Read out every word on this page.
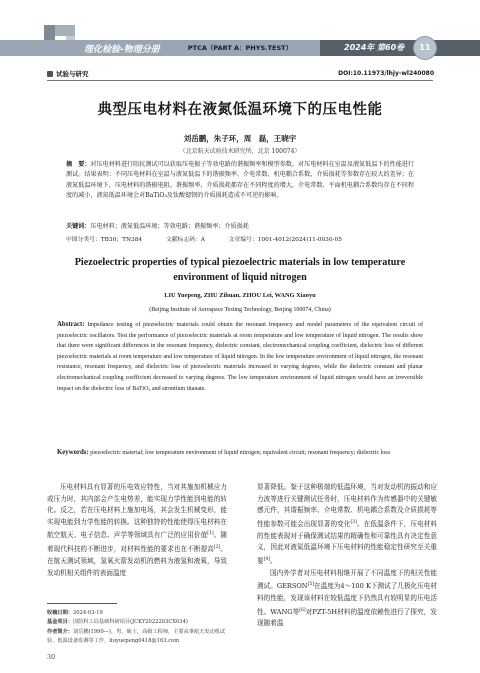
理化检验-物理分册	PTCA（PART A：PHYS.TEST）	2024年 第60卷	11
试验与研究	DOI:10.11973/lhjy-wl240080
典型压电材料在液氮低温环境下的压电性能
刘岳鹏，朱子环，周　磊，王晓宇
（北京航天试验技术研究所，北京 100074）
摘　要：对压电材料进行阻抗测试可以获取压电振子等效电路的谐振频率和模型参数。对压电材料在室温及液氮低温下的性能进行测试。结果表明：不同压电材料在室温与液氮低温下的谐振频率、介电常数、机电耦合系数、介质损耗等参数存在较大的差异；在液氮低温环境下，压电材料的谐振电阻、谐振频率、介质损耗都存在不同程度的增大，介电常数、平面机电耦合系数均存在不同程度的减小，液氮低温环境会对BaTiO₃及钛酸锶钡的介质损耗造成不可逆的影响。
关键词：压电材料；液氮低温环境；等效电路；谐振频率；介质损耗
中图分类号：TB30；TN384	文献标志码：A	文章编号：1001-4012(2024)11-0030-05
Piezoelectric properties of typical piezoelectric materials in low temperature environment of liquid nitrogen
LIU Yuepeng, ZHU Zihuan, ZHOU Lei, WANG Xiaoyu
(Beijing Institute of Aerospace Testing Technology, Beijing 100074, China)
Abstract: Impedance testing of piezoelectric materials could obtain the resonant frequency and model parameters of the equivalent circuit of piezoelectric oscillators. Test the performance of piezoelectric materials at room temperature and low temperature of liquid nitrogen. The results show that there were significant differences in the resonant frequency, dielectric constant, electromechanical coupling coefficient, dielectric loss of different piezoelectric materials at room temperature and low temperature of liquid nitrogen. In the low temperature environment of liquid nitrogen, the resonant resistance, resonant frequency, and dielectric loss of piezoelectric materials increased to varying degrees, while the dielectric constant and planar electromechanical coupling coefficient decreased to varying degrees. The low temperature environment of liquid nitrogen would have an irreversible impact on the dielectric loss of BaTiO₃ and strontium titanate.
Keywords: piezoelectric material; low temperature environment of liquid nitrogen; equivalent circuit; resonant frequency; dielectric loss

压电材料具有显著的压电效应特性，当对其施加机械应力或压力时，其内部会产生电势差，能实现力学性能到电能的转化。反之，若在压电材料上施加电场，其会发生机械变形，能实现电能到力学性能的转换。这种独特的性能使得压电材料在航空航天、电子信息、声学等领域具有广泛的应用价值[1]。随着现代科技的不断进步，对材料性能的要求也在不断提高[2]。在航天测试领域，氢氧火箭发动机的燃料为液氢和液氧，导致发动机相关组件的表面温度

显著降低。鉴于这种极端的低温环境，当对发动机的振动和应力波等进行关键测试任务时，压电材料作为传感器中的关键敏感元件，其谐振频率、介电常数、机电耦合系数及介质损耗等性能参数可能会出现显著的变化[3]。在低温条件下，压电材料的性能表现对于确保测试结果的精确性和可靠性具有决定性意义，因此对液氮低温环境下压电材料的性能稳定性研究至关重要[4]。

国内外学者对压电材料相继开展了不同温度下的相关性能测试。GERSON[5]在温度为4～100 K下测试了几极化压电材料的性能，发现该材料在较低温度下仍然具有较明显的压电活性。WANG等[6]对PZT-5H材料的温度依赖性进行了探究，发现随着温

收稿日期：2024-03-19
基金项目：国防科工局基础科研项目(JCKY2022203CX034)
作者简介：刘岳鹏(1990—)，男，硕士，高级工程师，主要从事航天发动机试验、低温设备监测等工作，liuyuepeng0418@163.com
30
